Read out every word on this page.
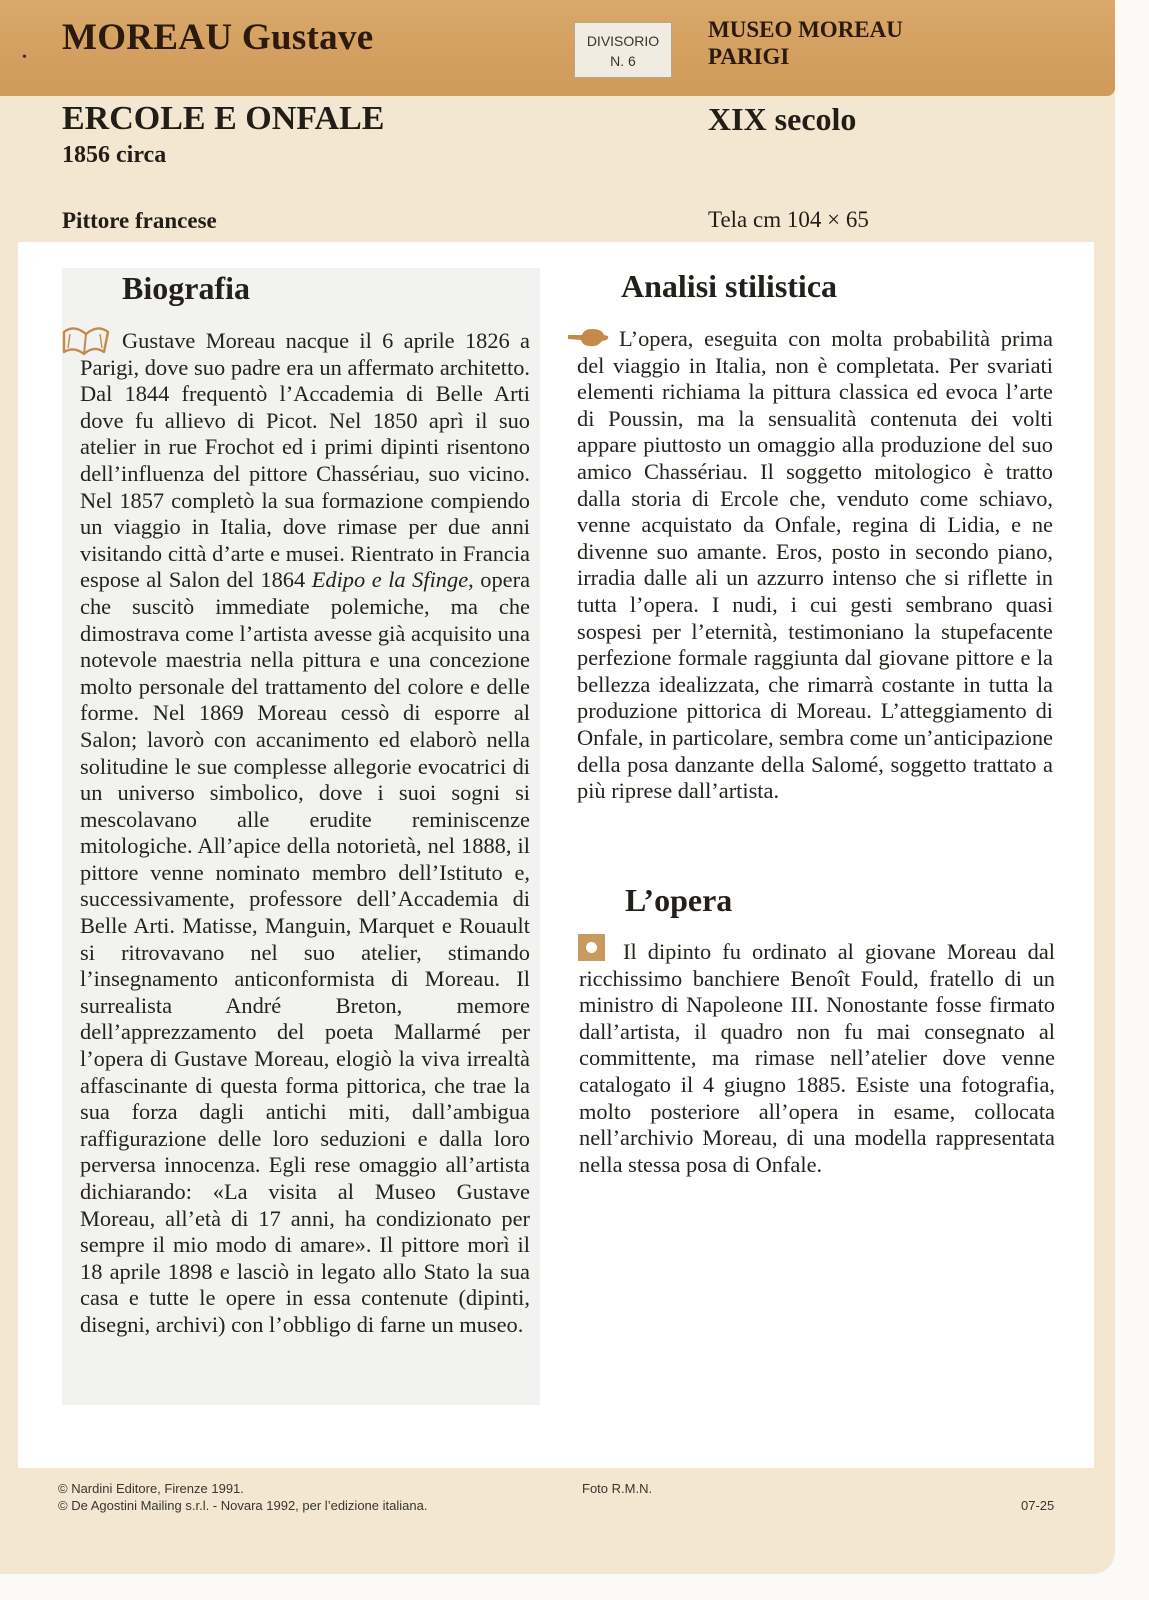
• MOREAU Gustave	DIVISORIO
N. 6
MUSEO MOREAU
PARIGI
ERCOLE E ONFALE
1856 circa
XIX secolo
Pittore francese	Tela cm 104 × 65
Biografia

Gustave Moreau nacque il 6 aprile 1826 a Parigi, dove suo padre era un affermato architetto. Dal 1844 frequentò l’Accademia di Belle Arti dove fu allievo di Picot. Nel 1850 aprì il suo atelier in rue Frochot ed i primi dipinti risentono dell’influenza del pittore Chassériau, suo vicino. Nel 1857 completò la sua formazione compiendo un viaggio in Italia, dove rimase per due anni visitando città d’arte e musei. Rientrato in Francia espose al Salon del 1864 Edipo e la Sfinge, opera che suscitò immediate polemiche, ma che dimostrava come l’artista avesse già acquisito una notevole maestria nella pittura e una concezione molto personale del trattamento del colore e delle forme. Nel 1869 Moreau cessò di esporre al Salon; lavorò con accanimento ed elaborò nella solitudine le sue complesse allegorie evocatrici di un universo simbolico, dove i suoi sogni si mescolavano alle erudite reminiscenze mitologiche. All’apice della notorietà, nel 1888, il pittore venne nominato membro dell’Istituto e, successivamente, professore dell’Accademia di Belle Arti. Matisse, Manguin, Marquet e Rouault si ritrovavano nel suo atelier, stimando l’insegnamento anticonformista di Moreau. Il surrealista André Breton, memore dell’apprezzamento del poeta Mallarmé per l’opera di Gustave Moreau, elogiò la viva irrealtà affascinante di questa forma pittorica, che trae la sua forza dagli antichi miti, dall’ambigua raffigurazione delle loro seduzioni e dalla loro perversa innocenza. Egli rese omaggio all’artista dichiarando: «La visita al Museo Gustave Moreau, all’età di 17 anni, ha condizionato per sempre il mio modo di amare». Il pittore morì il 18 aprile 1898 e lasciò in legato allo Stato la sua casa e tutte le opere in essa contenute (dipinti, disegni, archivi) con l’obbligo di farne un museo.

Analisi stilistica

L’opera, eseguita con molta probabilità prima del viaggio in Italia, non è completata. Per svariati elementi richiama la pittura classica ed evoca l’arte di Poussin, ma la sensualità contenuta dei volti appare piuttosto un omaggio alla produzione del suo amico Chassériau. Il soggetto mitologico è tratto dalla storia di Ercole che, venduto come schiavo, venne acquistato da Onfale, regina di Lidia, e ne divenne suo amante. Eros, posto in secondo piano, irradia dalle ali un azzurro intenso che si riflette in tutta l’opera. I nudi, i cui gesti sembrano quasi sospesi per l’eternità, testimoniano la stupefacente perfezione formale raggiunta dal giovane pittore e la bellezza idealizzata, che rimarrà costante in tutta la produzione pittorica di Moreau. L’atteggiamento di Onfale, in particolare, sembra come un’anticipazione della posa danzante della Salomé, soggetto trattato a più riprese dall’artista.

L’opera

Il dipinto fu ordinato al giovane Moreau dal ricchissimo banchiere Benoît Fould, fratello di un ministro di Napoleone III. Nonostante fosse firmato dall’artista, il quadro non fu mai consegnato al committente, ma rimase nell’atelier dove venne catalogato il 4 giugno 1885. Esiste una fotografia, molto posteriore all’opera in esame, collocata nell’archivio Moreau, di una modella rappresentata nella stessa posa di Onfale.

© Nardini Editore, Firenze 1991.
© De Agostini Mailing s.r.l. - Novara 1992, per l’edizione italiana.
Foto R.M.N.
07-25
